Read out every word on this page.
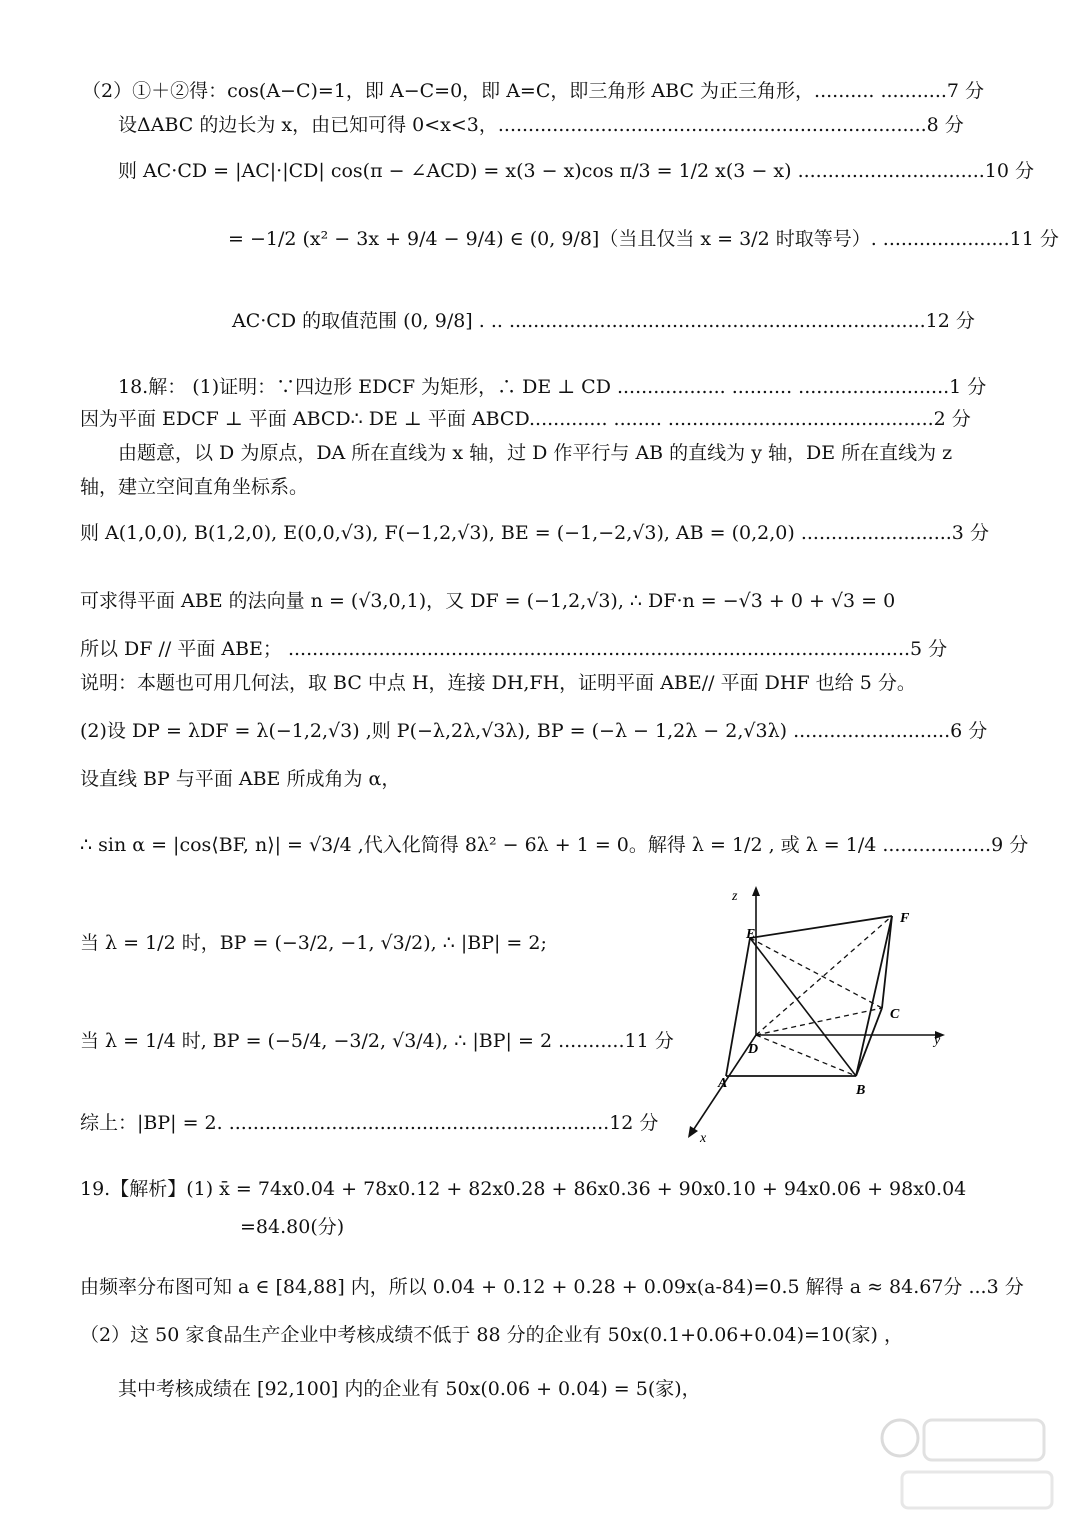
（2）①＋②得：cos(A−C)=1，即 A−C=0，即 A=C，即三角形 ABC 为正三角形，.......... ...........7 分
设ΔABC 的边长为 x，由已知可得 0<x<3，.......................................................................8 分
则 AC·CD = |AC|·|CD| cos(π − ∠ACD) = x(3 − x)cos π/3 = 1/2 x(3 − x) ...............................10 分
= −1/2 (x² − 3x + 9/4 − 9/4) ∈ (0, 9/8]（当且仅当 x = 3/2 时取等号）. .....................11 分
AC·CD 的取值范围 (0, 9/8] . .. .....................................................................12 分
18.解： (1)证明：∵四边形 EDCF 为矩形，∴ DE ⊥ CD .................. .......... .........................1 分
因为平面 EDCF ⊥ 平面 ABCD∴ DE ⊥ 平面 ABCD............. ........ ............................................2 分
由题意，以 D 为原点，DA 所在直线为 x 轴，过 D 作平行与 AB 的直线为 y 轴，DE 所在直线为 z
轴，建立空间直角坐标系。
则 A(1,0,0), B(1,2,0), E(0,0,√3), F(−1,2,√3), BE = (−1,−2,√3), AB = (0,2,0) .........................3 分
可求得平面 ABE 的法向量 n = (√3,0,1)，又 DF = (−1,2,√3), ∴ DF·n = −√3 + 0 + √3 = 0
所以 DF // 平面 ABE； .......................................................................................................5 分
说明：本题也可用几何法，取 BC 中点 H，连接 DH,FH，证明平面 ABE// 平面 DHF 也给 5 分。
(2)设 DP = λDF = λ(−1,2,√3) ,则 P(−λ,2λ,√3λ), BP = (−λ − 1,2λ − 2,√3λ) ..........................6 分
设直线 BP 与平面 ABE 所成角为 α，
∴ sin α = |cos⟨BF, n⟩| = √3/4 ,代入化简得 8λ² − 6λ + 1 = 0。解得 λ = 1/2 , 或 λ = 1/4 ..................9 分
当 λ = 1/2 时，BP = (−3/2, −1, √3/2), ∴ |BP| = 2;
当 λ = 1/4 时, BP = (−5/4, −3/2, √3/4), ∴ |BP| = 2 ...........11 分
综上：|BP| = 2. ...............................................................12 分
19.【解析】(1) x̄ = 74x0.04 + 78x0.12 + 82x0.28 + 86x0.36 + 90x0.10 + 94x0.06 + 98x0.04
=84.80(分)
由频率分布图可知 a ∈ [84,88] 内，所以 0.04 + 0.12 + 0.28 + 0.09x(a-84)=0.5 解得 a ≈ 84.67分 ...3 分
（2）这 50 家食品生产企业中考核成绩不低于 88 分的企业有 50x(0.1+0.06+0.04)=10(家) ，
其中考核成绩在 [92,100] 内的企业有 50x(0.06 + 0.04) = 5(家)，
z
E
F
C
y
D
A	B
x
